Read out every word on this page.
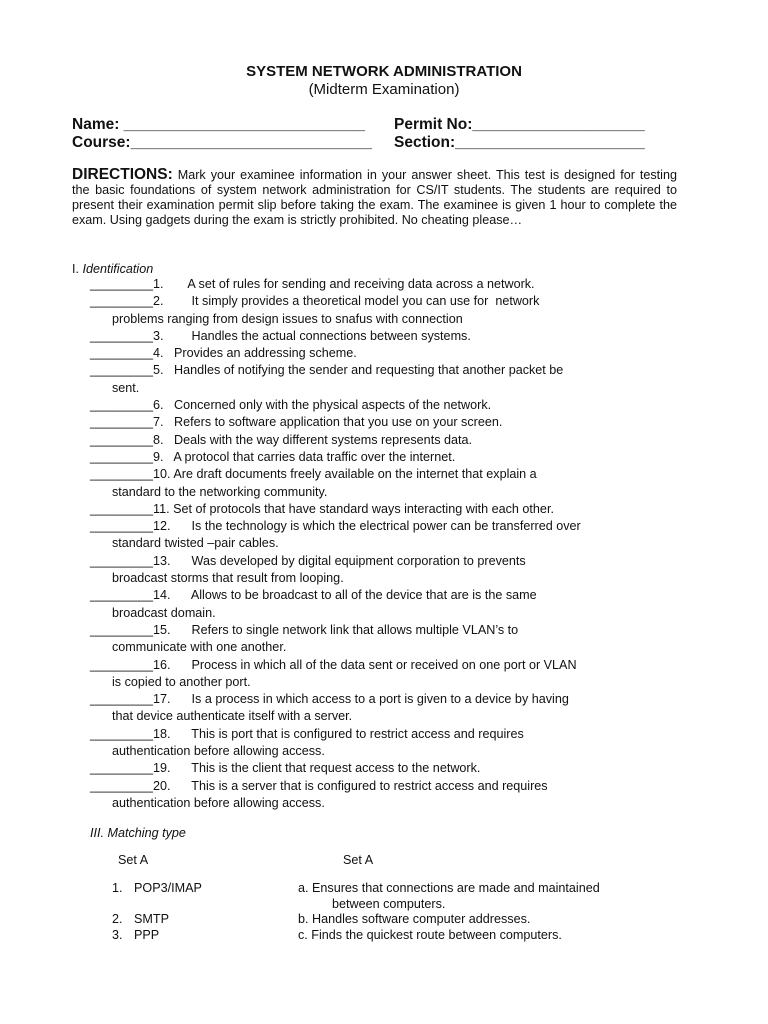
SYSTEM NETWORK ADMINISTRATION
(Midterm Examination)
Name: ____________________________ Permit No:____________________
Course:____________________________ Section:______________________
DIRECTIONS: Mark your examinee information in your answer sheet. This test is designed for testing the basic foundations of system network administration for CS/IT students. The students are required to present their examination permit slip before taking the exam. The examinee is given 1 hour to complete the exam. Using gadgets during the exam is strictly prohibited. No cheating please…
I. Identification
_________1.       A set of rules for sending and receiving data across a network.
_________2.        It simply provides a theoretical model you can use for  network
problems ranging from design issues to snafus with connection
_________3.        Handles the actual connections between systems.
_________4.   Provides an addressing scheme.
_________5.   Handles of notifying the sender and requesting that another packet be
sent.
_________6.   Concerned only with the physical aspects of the network.
_________7.   Refers to software application that you use on your screen.
_________8.   Deals with the way different systems represents data.
_________9.   A protocol that carries data traffic over the internet.
_________10. Are draft documents freely available on the internet that explain a
standard to the networking community.
_________11. Set of protocols that have standard ways interacting with each other.
_________12.      Is the technology is which the electrical power can be transferred over
standard twisted –pair cables.
_________13.      Was developed by digital equipment corporation to prevents
broadcast storms that result from looping.
_________14.      Allows to be broadcast to all of the device that are is the same
broadcast domain.
_________15.      Refers to single network link that allows multiple VLAN’s to
communicate with one another.
_________16.      Process in which all of the data sent or received on one port or VLAN
is copied to another port.
_________17.      Is a process in which access to a port is given to a device by having
that device authenticate itself with a server.
_________18.      This is port that is configured to restrict access and requires
authentication before allowing access.
_________19.      This is the client that request access to the network.
_________20.      This is a server that is configured to restrict access and requires
authentication before allowing access.
III. Matching type
Set A	Set A
1. POP3/IMAP	a. Ensures that connections are made and maintained
between computers.
2. SMTP	b. Handles software computer addresses.
3. PPP	c. Finds the quickest route between computers.
